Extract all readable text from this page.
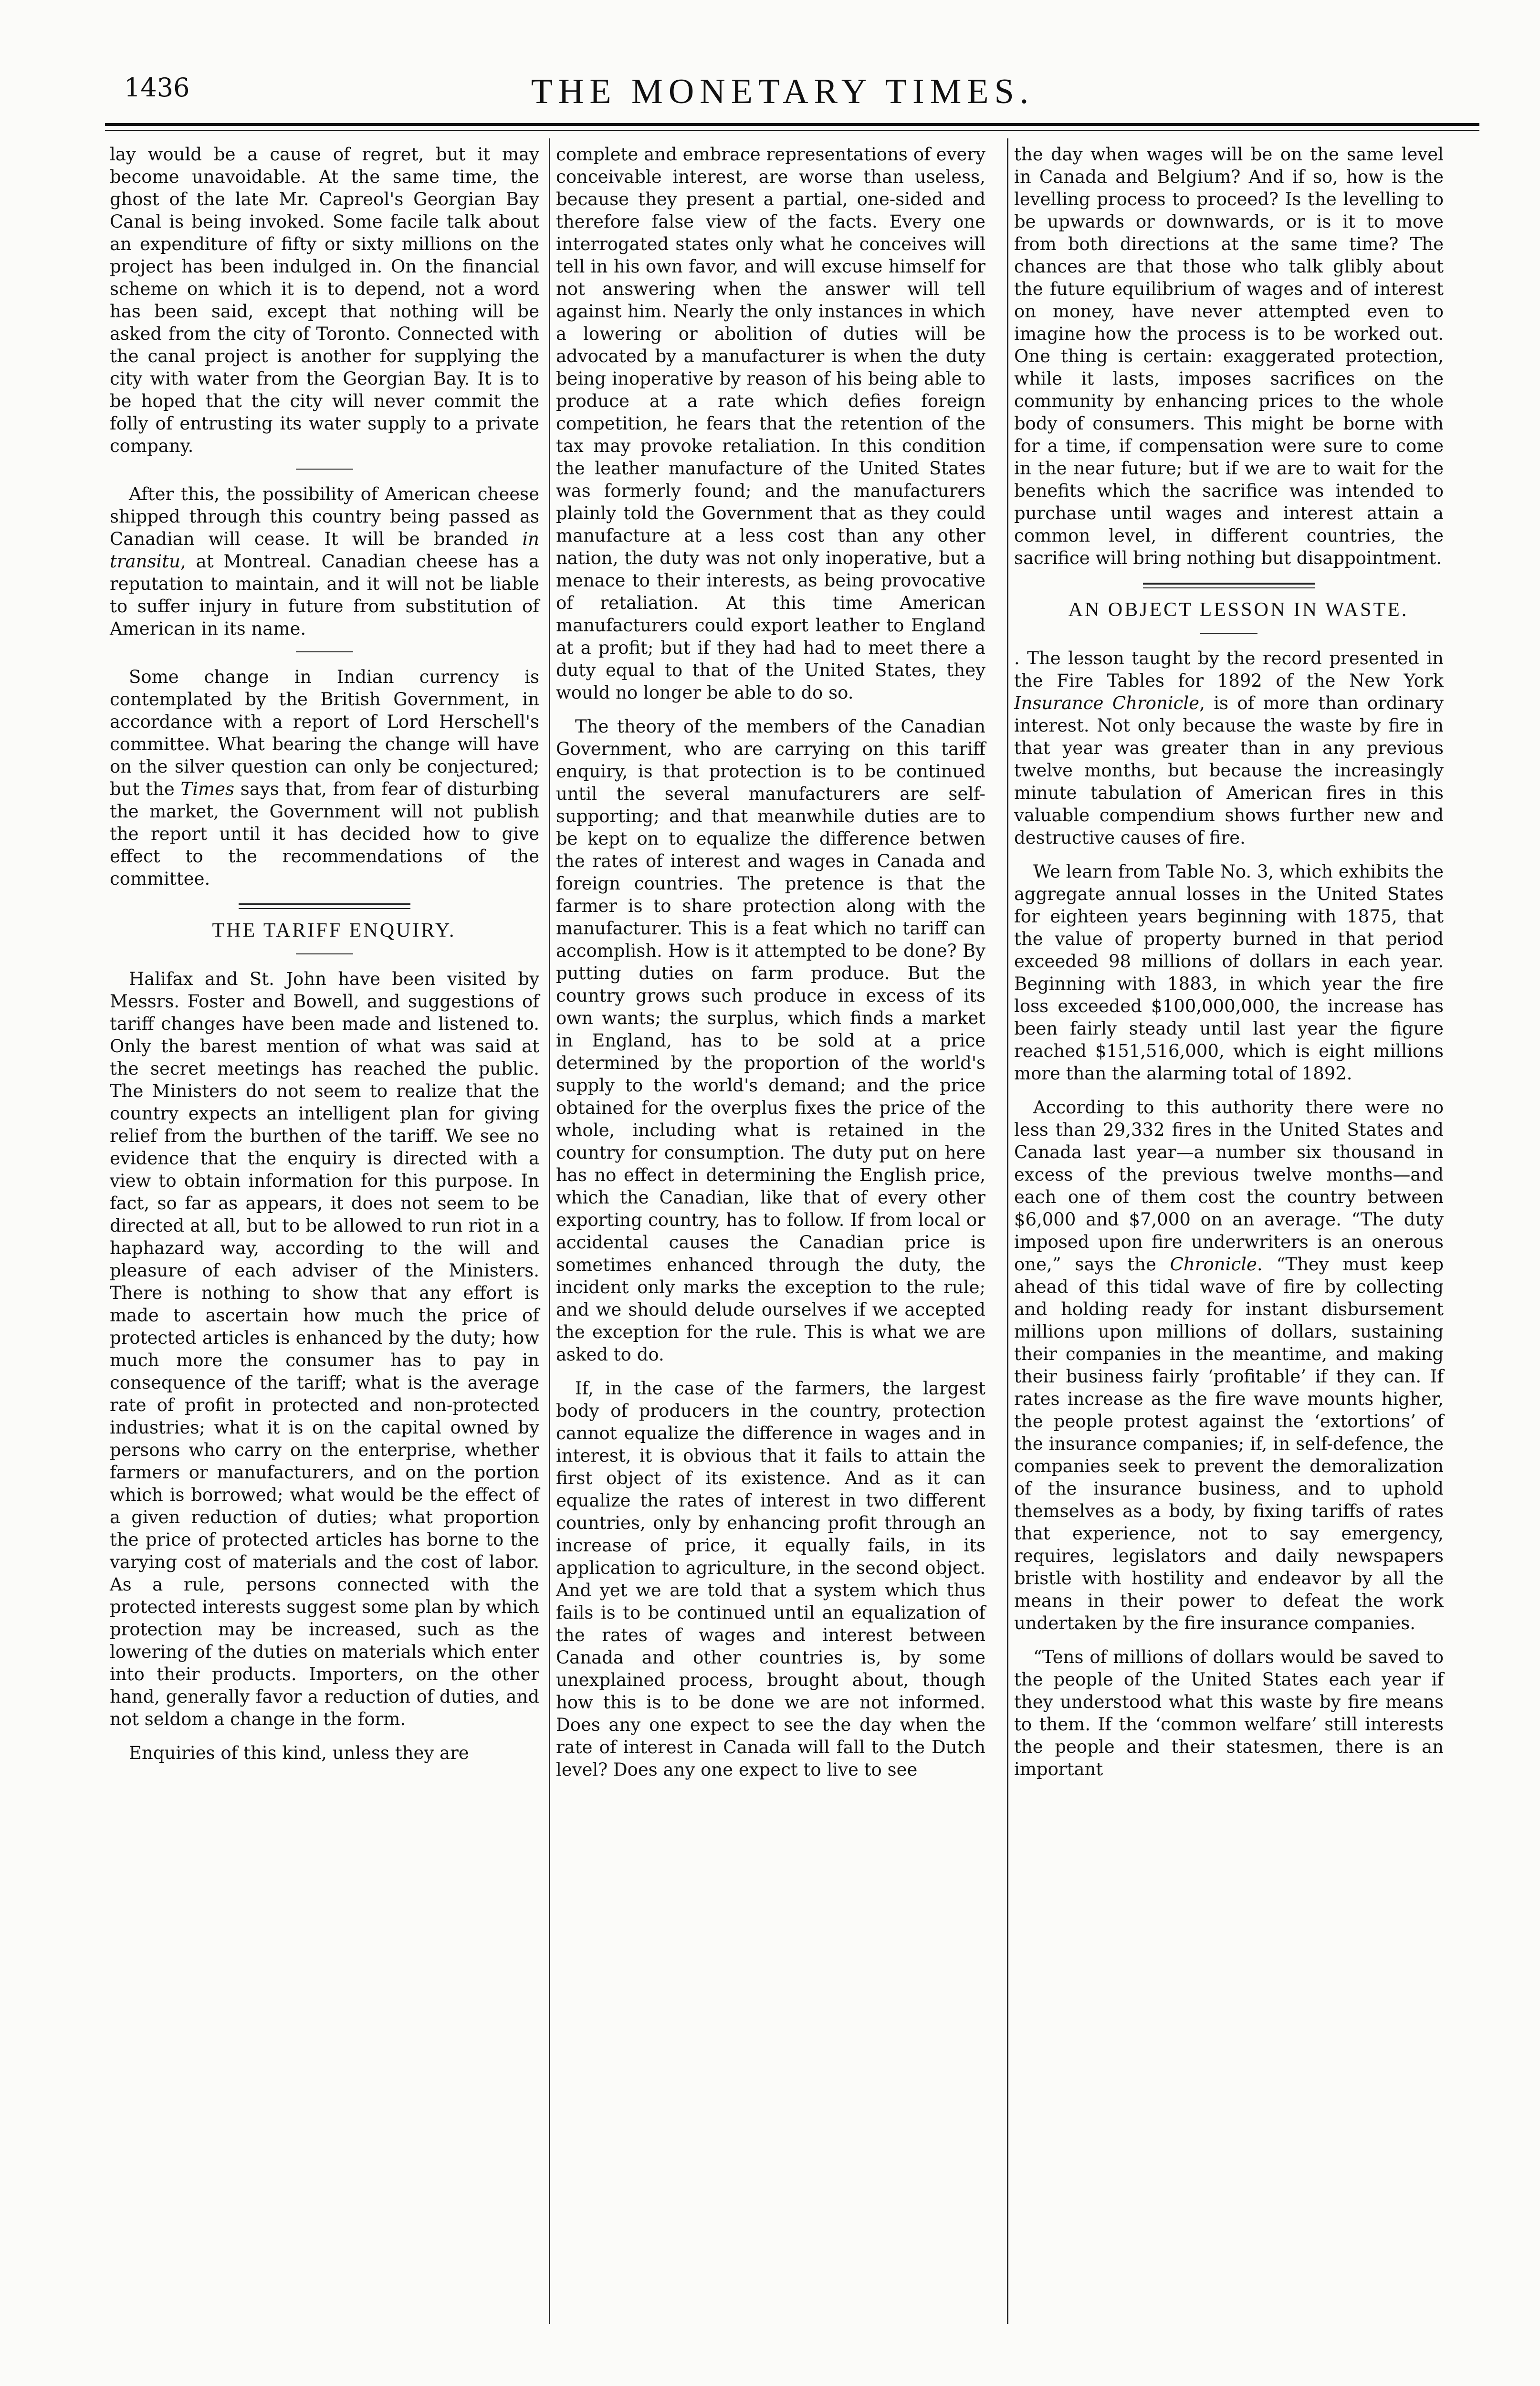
1436	THE MONETARY TIMES.

lay would be a cause of regret, but it may become unavoidable. At the same time, the ghost of the late Mr. Capreol's Georgian Bay Canal is being invoked. Some facile talk about an expenditure of fifty or sixty millions on the project has been indulged in. On the financial scheme on which it is to depend, not a word has been said, except that nothing will be asked from the city of Toronto. Connected with the canal project is another for supplying the city with water from the Georgian Bay. It is to be hoped that the city will never commit the folly of entrusting its water supply to a private company.

After this, the possibility of American cheese shipped through this country being passed as Canadian will cease. It will be branded in transitu, at Montreal. Canadian cheese has a reputation to maintain, and it will not be liable to suffer injury in future from substitution of American in its name.

Some change in Indian currency is contemplated by the British Government, in accordance with a report of Lord Herschell's committee. What bearing the change will have on the silver question can only be conjectured; but the Times says that, from fear of disturbing the market, the Government will not publish the report until it has decided how to give effect to the recommendations of the committee.

THE TARIFF ENQUIRY.

Halifax and St. John have been visited by Messrs. Foster and Bowell, and suggestions of tariff changes have been made and listened to. Only the barest mention of what was said at the secret meetings has reached the public. The Ministers do not seem to realize that the country expects an intelligent plan for giving relief from the burthen of the tariff. We see no evidence that the enquiry is directed with a view to obtain information for this purpose. In fact, so far as appears, it does not seem to be directed at all, but to be allowed to run riot in a haphazard way, according to the will and pleasure of each adviser of the Ministers. There is nothing to show that any effort is made to ascertain how much the price of protected articles is enhanced by the duty; how much more the consumer has to pay in consequence of the tariff; what is the average rate of profit in protected and non-protected industries; what it is on the capital owned by persons who carry on the enterprise, whether farmers or manufacturers, and on the portion which is borrowed; what would be the effect of a given reduction of duties; what proportion the price of protected articles has borne to the varying cost of materials and the cost of labor. As a rule, persons connected with the protected interests suggest some plan by which protection may be increased, such as the lowering of the duties on materials which enter into their products. Importers, on the other hand, generally favor a reduction of duties, and not seldom a change in the form.

Enquiries of this kind, unless they are

complete and embrace representations of every conceivable interest, are worse than useless, because they present a partial, one-sided and therefore false view of the facts. Every one interrogated states only what he conceives will tell in his own favor, and will excuse himself for not answering when the answer will tell against him. Nearly the only instances in which a lowering or abolition of duties will be advocated by a manufacturer is when the duty being inoperative by reason of his being able to produce at a rate which defies foreign competition, he fears that the retention of the tax may provoke retaliation. In this condition the leather manufacture of the United States was formerly found; and the manufacturers plainly told the Government that as they could manufacture at a less cost than any other nation, the duty was not only inoperative, but a menace to their interests, as being provocative of retaliation. At this time American manufacturers could export leather to England at a profit; but if they had had to meet there a duty equal to that of the United States, they would no longer be able to do so.

The theory of the members of the Canadian Government, who are carrying on this tariff enquiry, is that protection is to be continued until the several manufacturers are self-supporting; and that meanwhile duties are to be kept on to equalize the difference betwen the rates of interest and wages in Canada and foreign countries. The pretence is that the farmer is to share protection along with the manufacturer. This is a feat which no tariff can accomplish. How is it attempted to be done? By putting duties on farm produce. But the country grows such produce in excess of its own wants; the surplus, which finds a market in England, has to be sold at a price determined by the proportion of the world's supply to the world's demand; and the price obtained for the overplus fixes the price of the whole, including what is retained in the country for consumption. The duty put on here has no effect in determining the English price, which the Canadian, like that of every other exporting country, has to follow. If from local or accidental causes the Canadian price is sometimes enhanced through the duty, the incident only marks the exception to the rule; and we should delude ourselves if we accepted the exception for the rule. This is what we are asked to do.

If, in the case of the farmers, the largest body of producers in the country, protection cannot equalize the difference in wages and in interest, it is obvious that it fails to attain the first object of its existence. And as it can equalize the rates of interest in two different countries, only by enhancing profit through an increase of price, it equally fails, in its application to agriculture, in the second object. And yet we are told that a system which thus fails is to be continued until an equalization of the rates of wages and interest between Canada and other countries is, by some unexplained process, brought about, though how this is to be done we are not informed. Does any one expect to see the day when the rate of interest in Canada will fall to the Dutch level? Does any one expect to live to see

the day when wages will be on the same level in Canada and Belgium? And if so, how is the levelling process to proceed? Is the levelling to be upwards or downwards, or is it to move from both directions at the same time? The chances are that those who talk glibly about the future equilibrium of wages and of interest on money, have never attempted even to imagine how the process is to be worked out. One thing is certain: exaggerated protection, while it lasts, imposes sacrifices on the community by enhancing prices to the whole body of consumers. This might be borne with for a time, if compensation were sure to come in the near future; but if we are to wait for the benefits which the sacrifice was intended to purchase until wages and interest attain a common level, in different countries, the sacrifice will bring nothing but disappointment.

AN OBJECT LESSON IN WASTE.

. The lesson taught by the record presented in the Fire Tables for 1892 of the New York Insurance Chronicle, is of more than ordinary interest. Not only because the waste by fire in that year was greater than in any previous twelve months, but because the increasingly minute tabulation of American fires in this valuable compendium shows further new and destructive causes of fire.

We learn from Table No. 3, which exhibits the aggregate annual losses in the United States for eighteen years beginning with 1875, that the value of property burned in that period exceeded 98 millions of dollars in each year. Beginning with 1883, in which year the fire loss exceeded $100,000,000, the increase has been fairly steady until last year the figure reached $151,516,000, which is eight millions more than the alarming total of 1892.

According to this authority there were no less than 29,332 fires in the United States and Canada last year—a number six thousand in excess of the previous twelve months—and each one of them cost the country between $6,000 and $7,000 on an average. “The duty imposed upon fire underwriters is an onerous one,” says the Chronicle. “They must keep ahead of this tidal wave of fire by collecting and holding ready for instant disbursement millions upon millions of dollars, sustaining their companies in the meantime, and making their business fairly ‘profitable’ if they can. If rates increase as the fire wave mounts higher, the people protest against the ‘extortions’ of the insurance companies; if, in self-defence, the companies seek to prevent the demoralization of the insurance business, and to uphold themselves as a body, by fixing tariffs of rates that experience, not to say emergency, requires, legislators and daily newspapers bristle with hostility and endeavor by all the means in their power to defeat the work undertaken by the fire insurance companies.

“Tens of millions of dollars would be saved to the people of the United States each year if they understood what this waste by fire means to them. If the ‘common welfare’ still interests the people and their statesmen, there is an important
